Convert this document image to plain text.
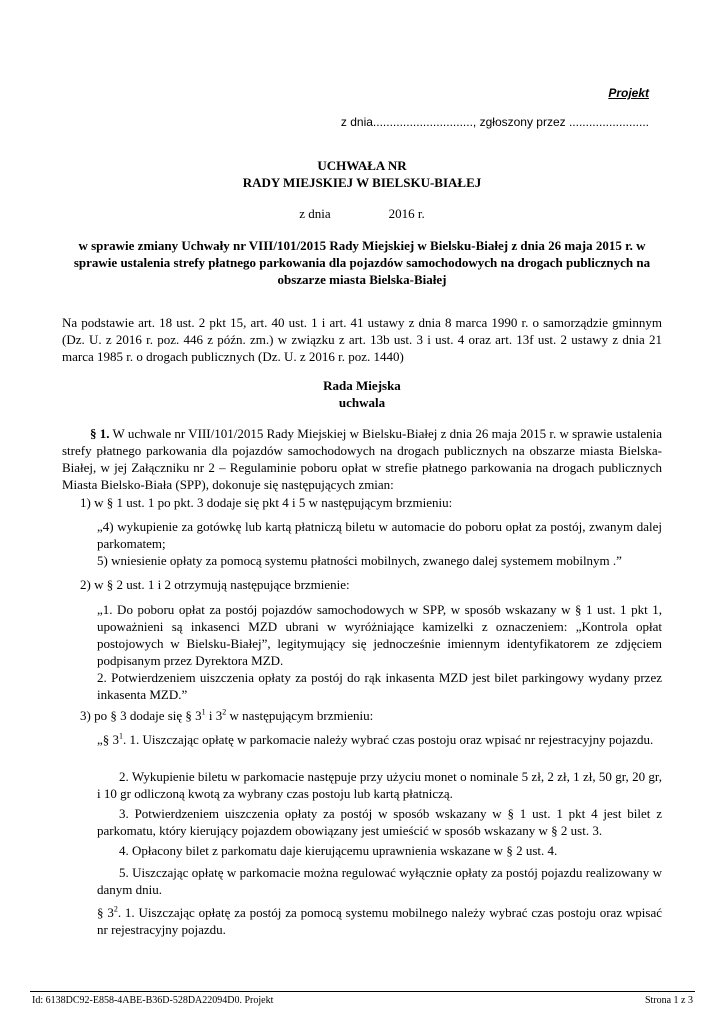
Projekt
z dnia.............................., zgłoszony przez ........................
UCHWAŁA NR
RADY MIEJSKIEJ W BIELSKU-BIAŁEJ
z dnia	2016 r.
w sprawie zmiany Uchwały nr VIII/101/2015 Rady Miejskiej w Bielsku-Białej z dnia 26 maja 2015 r. w sprawie ustalenia strefy płatnego parkowania dla pojazdów samochodowych na drogach publicznych na obszarze miasta Bielska-Białej
Na podstawie art. 18 ust. 2 pkt 15, art. 40 ust. 1 i art. 41 ustawy z dnia 8 marca 1990 r. o samorządzie gminnym (Dz. U. z 2016 r. poz. 446 z późn. zm.) w związku z art. 13b ust. 3 i ust. 4 oraz art. 13f ust. 2 ustawy z dnia 21 marca 1985 r. o drogach publicznych (Dz. U. z 2016 r. poz. 1440)
Rada Miejska
uchwala
§ 1. W uchwale nr VIII/101/2015 Rady Miejskiej w Bielsku-Białej z dnia 26 maja 2015 r. w sprawie ustalenia strefy płatnego parkowania dla pojazdów samochodowych na drogach publicznych na obszarze miasta Bielska-Białej, w jej Załączniku nr 2 – Regulaminie poboru opłat w strefie płatnego parkowania na drogach publicznych Miasta Bielsko-Biała (SPP), dokonuje się następujących zmian:
1) w § 1 ust. 1 po pkt. 3 dodaje się pkt 4 i 5 w następującym brzmieniu:
„4) wykupienie za gotówkę lub kartą płatniczą biletu w automacie do poboru opłat za postój, zwanym dalej parkomatem;
5) wniesienie opłaty za pomocą systemu płatności mobilnych, zwanego dalej systemem mobilnym .”
2) w § 2 ust. 1 i 2 otrzymują następujące brzmienie:
„1. Do poboru opłat za postój pojazdów samochodowych w SPP, w sposób wskazany w § 1 ust. 1 pkt 1, upoważnieni są inkasenci MZD ubrani w wyróżniające kamizelki z oznaczeniem: „Kontrola opłat postojowych w Bielsku-Białej”, legitymujący się jednocześnie imiennym identyfikatorem ze zdjęciem podpisanym przez Dyrektora MZD.
2. Potwierdzeniem uiszczenia opłaty za postój do rąk inkasenta MZD jest bilet parkingowy wydany przez inkasenta MZD.”
3) po § 3 dodaje się § $3^1$ i $3^2$ w następującym brzmieniu:
„§ $3^1$. 1. Uiszczając opłatę w parkomacie należy wybrać czas postoju oraz wpisać nr rejestracyjny pojazdu.
2. Wykupienie biletu w parkomacie następuje przy użyciu monet o nominale 5 zł, 2 zł, 1 zł, 50 gr, 20 gr, i 10 gr odliczoną kwotą za wybrany czas postoju lub kartą płatniczą.
3. Potwierdzeniem uiszczenia opłaty za postój w sposób wskazany w § 1 ust. 1 pkt 4 jest bilet z parkomatu, który kierujący pojazdem obowiązany jest umieścić w sposób wskazany w § 2 ust. 3.
4. Opłacony bilet z parkomatu daje kierującemu uprawnienia wskazane w § 2 ust. 4.
5. Uiszczając opłatę w parkomacie można regulować wyłącznie opłaty za postój pojazdu realizowany w danym dniu.
§ $3^2$. 1. Uiszczając opłatę za postój za pomocą systemu mobilnego należy wybrać czas postoju oraz wpisać nr rejestracyjny pojazdu.
Id: 6138DC92-E858-4ABE-B36D-528DA22094D0. Projekt	Strona 1 z 3
